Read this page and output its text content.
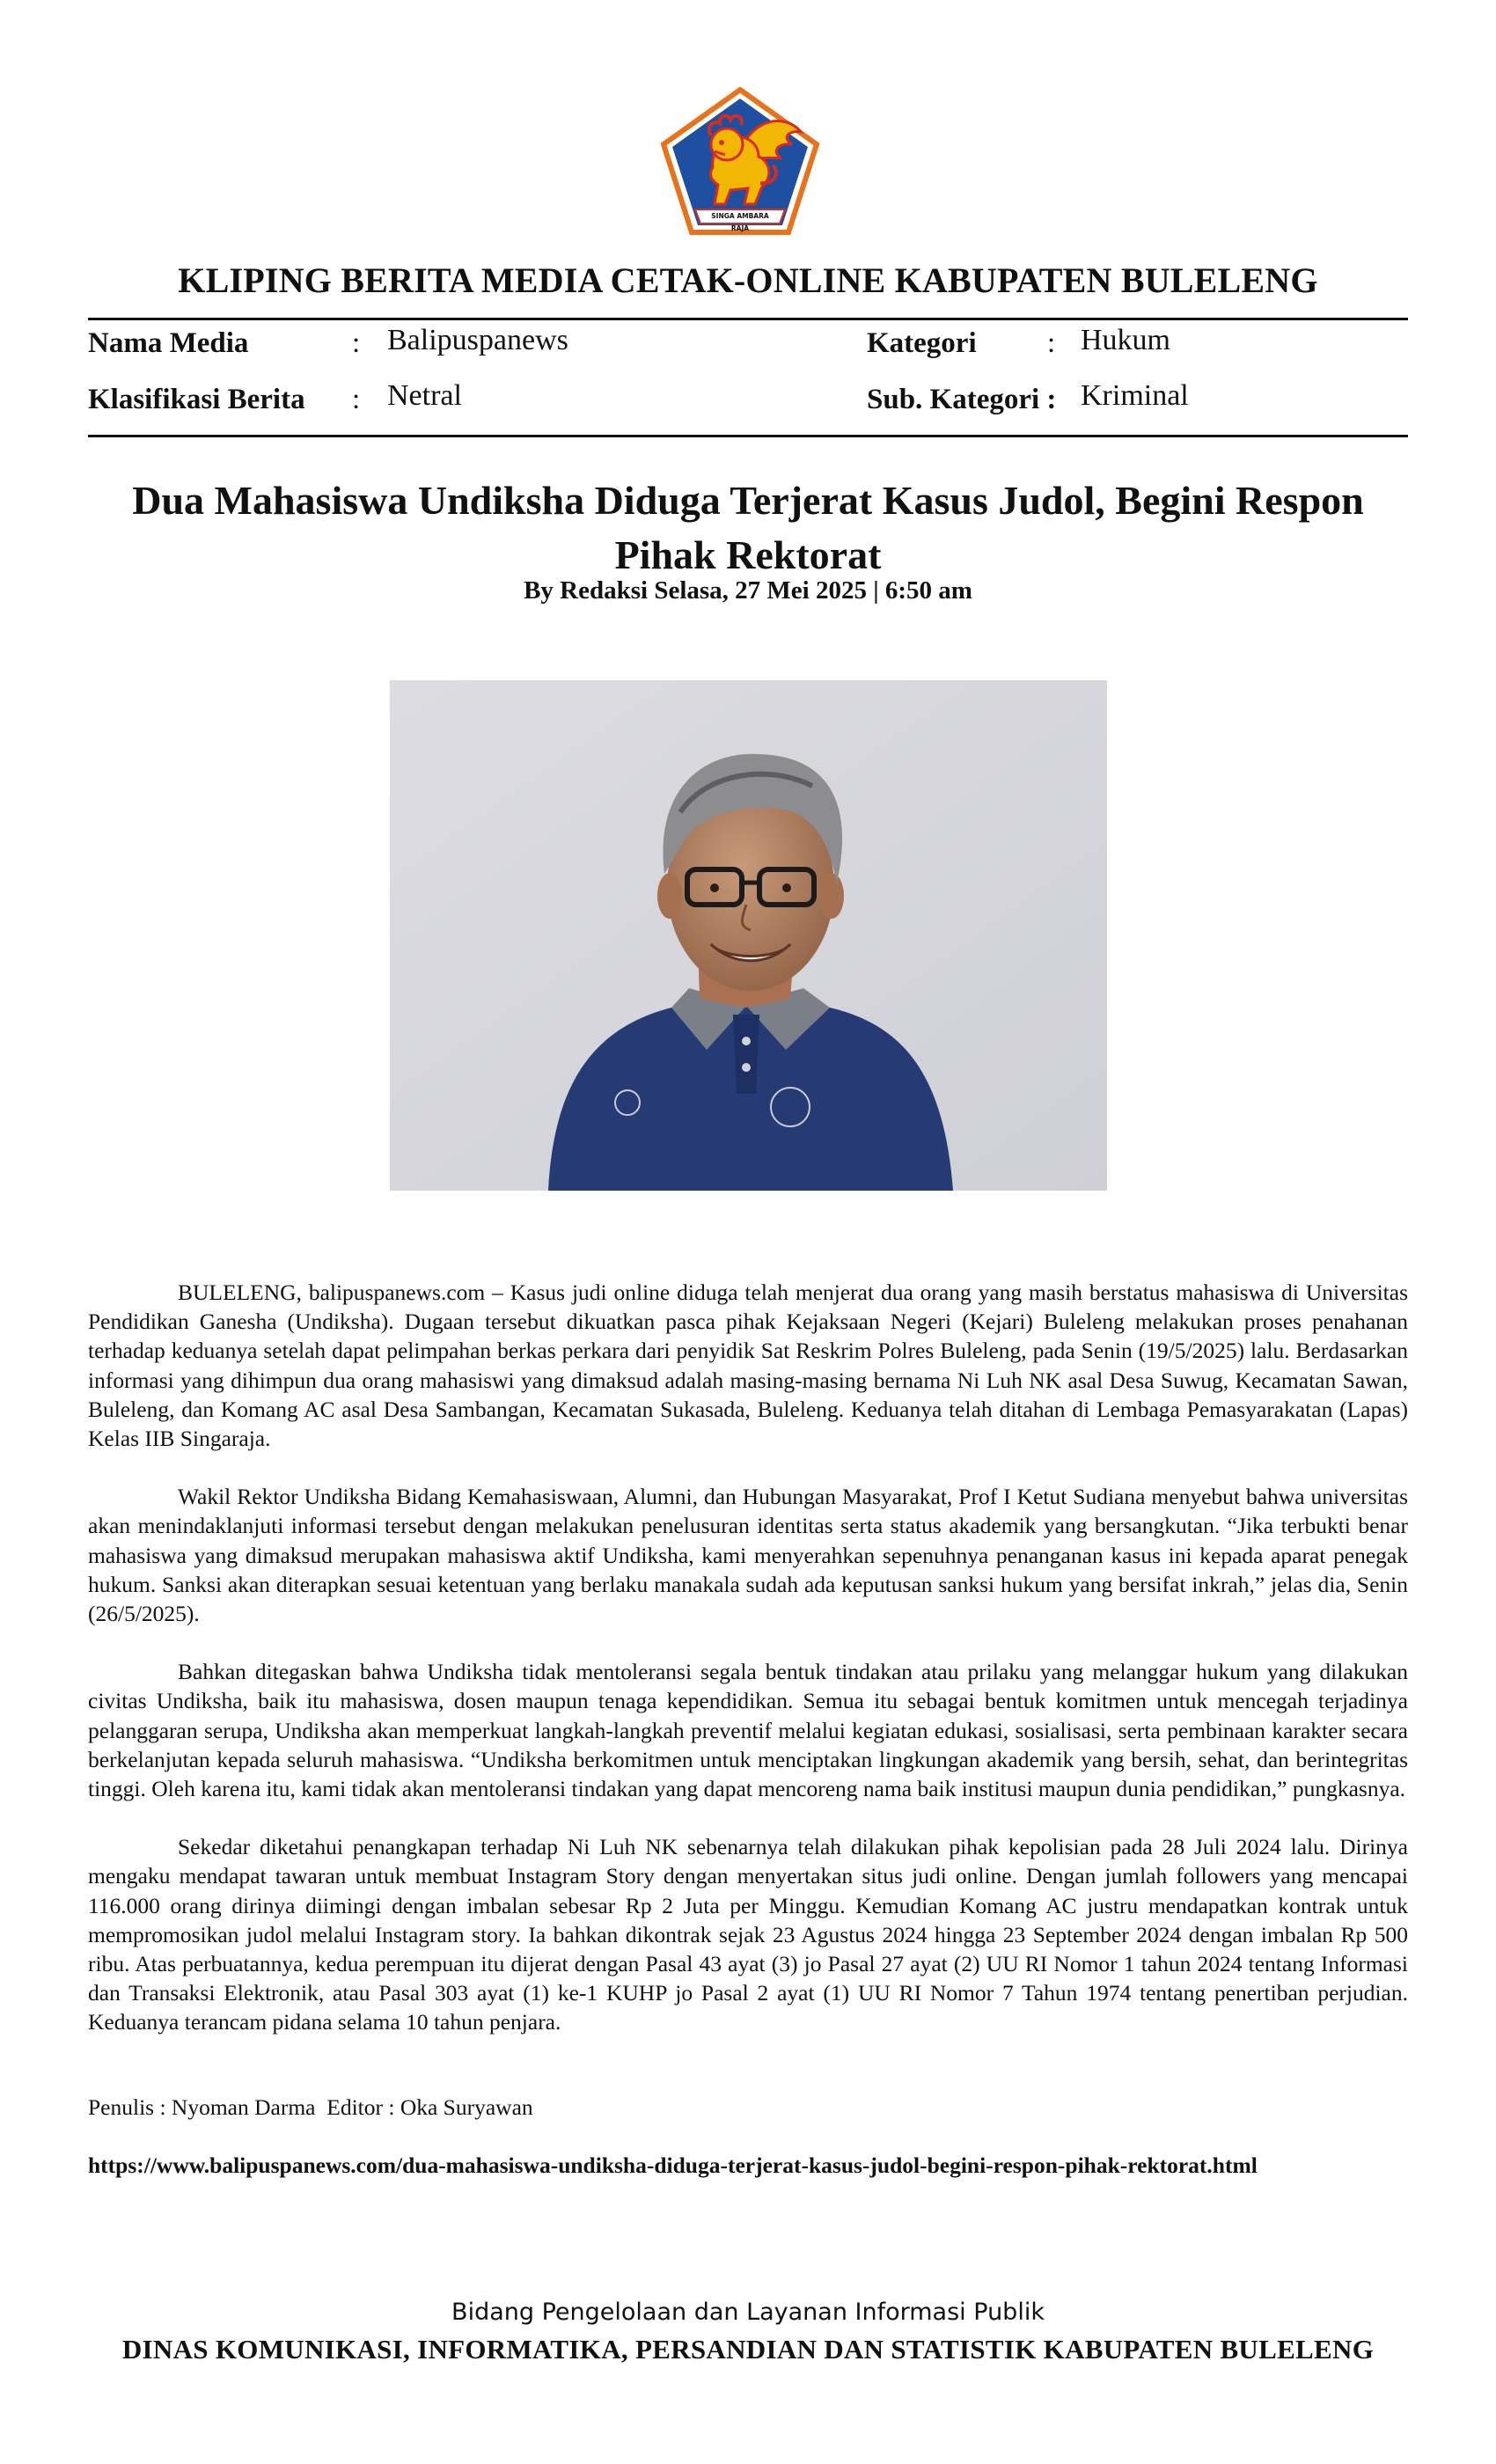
SINGA AMBARA RAJA
KLIPING BERITA MEDIA CETAK-ONLINE KABUPATEN BULELENG
Nama Media	: Balipuspanews	Kategori : Hukum
Klasifikasi Berita : Netral	Sub. Kategori : Kriminal
Dua Mahasiswa Undiksha Diduga Terjerat Kasus Judol, Begini Respon
Pihak Rektorat
By Redaksi Selasa, 27 Mei 2025 | 6:50 am

BULELENG, balipuspanews.com – Kasus judi online diduga telah menjerat dua orang yang masih berstatus mahasiswa di Universitas Pendidikan Ganesha (Undiksha). Dugaan tersebut dikuatkan pasca pihak Kejaksaan Negeri (Kejari) Buleleng melakukan proses penahanan terhadap keduanya setelah dapat pelimpahan berkas perkara dari penyidik Sat Reskrim Polres Buleleng, pada Senin (19/5/2025) lalu. Berdasarkan informasi yang dihimpun dua orang mahasiswi yang dimaksud adalah masing-masing bernama Ni Luh NK asal Desa Suwug, Kecamatan Sawan, Buleleng, dan Komang AC asal Desa Sambangan, Kecamatan Sukasada, Buleleng. Keduanya telah ditahan di Lembaga Pemasyarakatan (Lapas) Kelas IIB Singaraja.

Wakil Rektor Undiksha Bidang Kemahasiswaan, Alumni, dan Hubungan Masyarakat, Prof I Ketut Sudiana menyebut bahwa universitas akan menindaklanjuti informasi tersebut dengan melakukan penelusuran identitas serta status akademik yang bersangkutan. “Jika terbukti benar mahasiswa yang dimaksud merupakan mahasiswa aktif Undiksha, kami menyerahkan sepenuhnya penanganan kasus ini kepada aparat penegak hukum. Sanksi akan diterapkan sesuai ketentuan yang berlaku manakala sudah ada keputusan sanksi hukum yang bersifat inkrah,” jelas dia, Senin (26/5/2025).

Bahkan ditegaskan bahwa Undiksha tidak mentoleransi segala bentuk tindakan atau prilaku yang melanggar hukum yang dilakukan civitas Undiksha, baik itu mahasiswa, dosen maupun tenaga kependidikan. Semua itu sebagai bentuk komitmen untuk mencegah terjadinya pelanggaran serupa, Undiksha akan memperkuat langkah-langkah preventif melalui kegiatan edukasi, sosialisasi, serta pembinaan karakter secara berkelanjutan kepada seluruh mahasiswa. “Undiksha berkomitmen untuk menciptakan lingkungan akademik yang bersih, sehat, dan berintegritas tinggi. Oleh karena itu, kami tidak akan mentoleransi tindakan yang dapat mencoreng nama baik institusi maupun dunia pendidikan,” pungkasnya.

Sekedar diketahui penangkapan terhadap Ni Luh NK sebenarnya telah dilakukan pihak kepolisian pada 28 Juli 2024 lalu. Dirinya mengaku mendapat tawaran untuk membuat Instagram Story dengan menyertakan situs judi online. Dengan jumlah followers yang mencapai 116.000 orang dirinya diimingi dengan imbalan sebesar Rp 2 Juta per Minggu. Kemudian Komang AC justru mendapatkan kontrak untuk mempromosikan judol melalui Instagram story. Ia bahkan dikontrak sejak 23 Agustus 2024 hingga 23 September 2024 dengan imbalan Rp 500 ribu. Atas perbuatannya, kedua perempuan itu dijerat dengan Pasal 43 ayat (3) jo Pasal 27 ayat (2) UU RI Nomor 1 tahun 2024 tentang Informasi dan Transaksi Elektronik, atau Pasal 303 ayat (1) ke-1 KUHP jo Pasal 2 ayat (1) UU RI Nomor 7 Tahun 1974 tentang penertiban perjudian. Keduanya terancam pidana selama 10 tahun penjara.

Penulis : Nyoman Darma  Editor : Oka Suryawan
https://www.balipuspanews.com/dua-mahasiswa-undiksha-diduga-terjerat-kasus-judol-begini-respon-pihak-rektorat.html
Bidang Pengelolaan dan Layanan Informasi Publik
DINAS KOMUNIKASI, INFORMATIKA, PERSANDIAN DAN STATISTIK KABUPATEN BULELENG
